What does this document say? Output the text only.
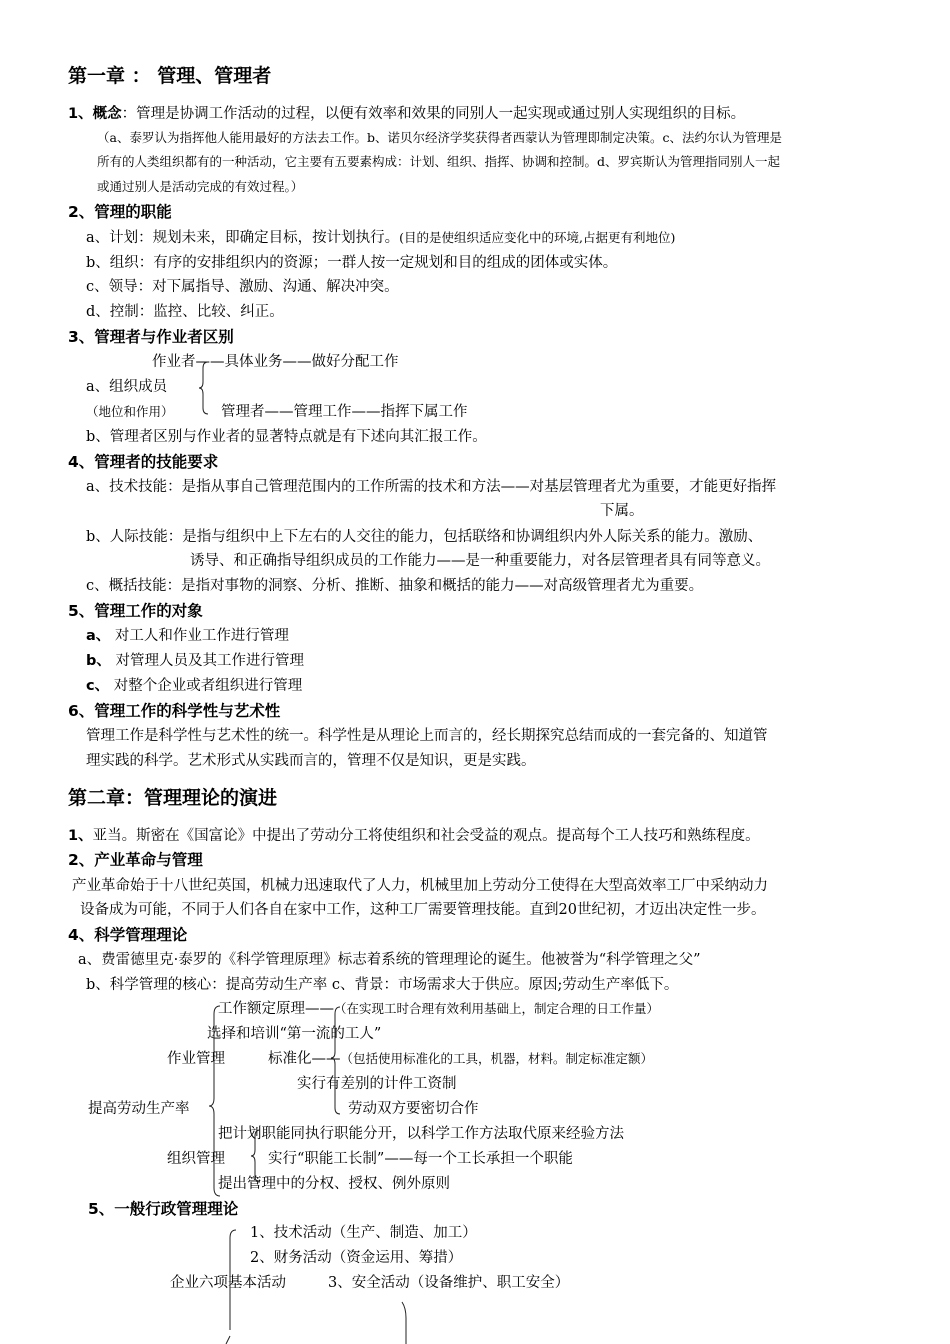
第一章 ： 管理、管理者
1、概念：管理是协调工作活动的过程，以便有效率和效果的同别人一起实现或通过别人实现组织的目标。
（a、泰罗认为指挥他人能用最好的方法去工作。b、诺贝尔经济学奖获得者西蒙认为管理即制定决策。c、法约尔认为管理是
所有的人类组织都有的一种活动，它主要有五要素构成：计划、组织、指挥、协调和控制。d、罗宾斯认为管理指同别人一起
或通过别人是活动完成的有效过程。）
2、管理的职能
a、计划：规划未来，即确定目标，按计划执行。(目的是使组织适应变化中的环境,占据更有利地位)
b、组织：有序的安排组织内的资源；一群人按一定规划和目的组成的团体或实体。
c、领导：对下属指导、激励、沟通、解决冲突。
d、控制：监控、比较、纠正。
3、管理者与作业者区别
作业者——具体业务——做好分配工作
a、组织成员
（地位和作用）	管理者——管理工作——指挥下属工作
b、管理者区别与作业者的显著特点就是有下述向其汇报工作。
4、管理者的技能要求
a、技术技能：是指从事自己管理范围内的工作所需的技术和方法——对基层管理者尤为重要，才能更好指挥
下属。
b、人际技能：是指与组织中上下左右的人交往的能力，包括联络和协调组织内外人际关系的能力。激励、
诱导、和正确指导组织成员的工作能力——是一种重要能力，对各层管理者具有同等意义。
c、概括技能：是指对事物的洞察、分析、推断、抽象和概括的能力——对高级管理者尤为重要。
5、管理工作的对象
a、 对工人和作业工作进行管理
b、 对管理人员及其工作进行管理
c、 对整个企业或者组织进行管理
6、管理工作的科学性与艺术性
管理工作是科学性与艺术性的统一。科学性是从理论上而言的，经长期探究总结而成的一套完备的、知道管
理实践的科学。艺术形式从实践而言的，管理不仅是知识，更是实践。
第二章：管理理论的演进
1、亚当。斯密在《国富论》中提出了劳动分工将使组织和社会受益的观点。提高每个工人技巧和熟练程度。
2、产业革命与管理
产业革命始于十八世纪英国，机械力迅速取代了人力，机械里加上劳动分工使得在大型高效率工厂中采纳动力
设备成为可能，不同于人们各自在家中工作，这种工厂需要管理技能。直到20世纪初，才迈出决定性一步。
4、科学管理理论
a、费雷德里克·泰罗的《科学管理原理》标志着系统的管理理论的诞生。他被誉为“科学管理之父”
b、科学管理的核心：提高劳动生产率 c、背景：市场需求大于供应。原因;劳动生产率低下。
工作额定原理——（在实现工时合理有效利用基础上，制定合理的日工作量）
选择和培训“第一流的工人”
作业管理	标准化——（包括使用标准化的工具，机器，材料。制定标准定额）
实行有差别的计件工资制
提高劳动生产率	劳动双方要密切合作
把计划职能同执行职能分开，以科学工作方法取代原来经验方法
组织管理	实行“职能工长制”——每一个工长承担一个职能
提出管理中的分权、授权、例外原则
5、一般行政管理理论
1、技术活动（生产、制造、加工）
2、财务活动（资金运用、筹措）
企业六项基本活动	3、安全活动（设备维护、职工安全）
